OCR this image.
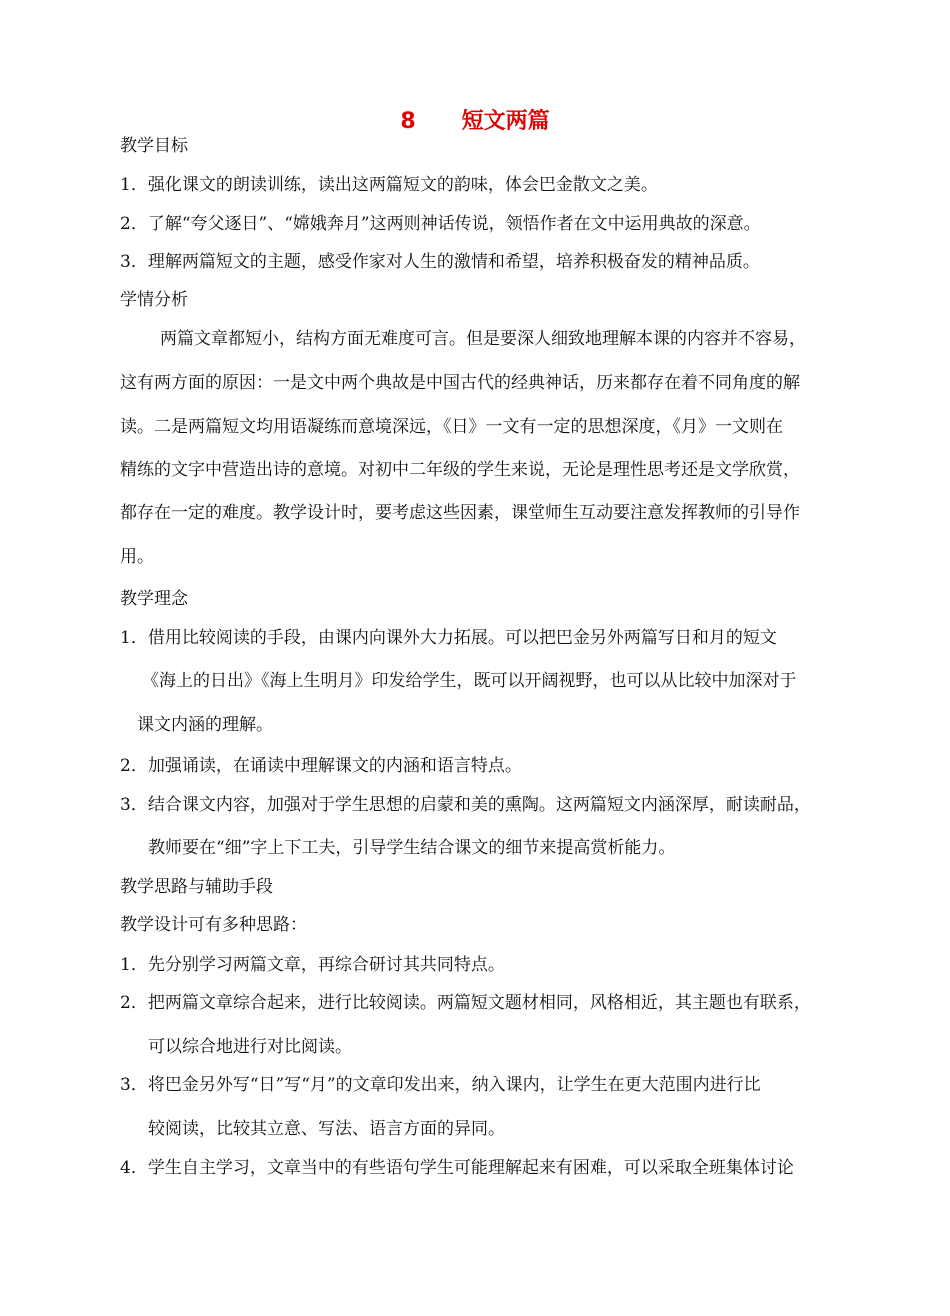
8 短文两篇
教学目标
1．强化课文的朗读训练，读出这两篇短文的韵味，体会巴金散文之美。
2．了解“夸父逐日”、“嫦娥奔月”这两则神话传说，领悟作者在文中运用典故的深意。
3．理解两篇短文的主题，感受作家对人生的激情和希望，培养积极奋发的精神品质。
学情分析
两篇文章都短小，结构方面无难度可言。但是要深人细致地理解本课的内容并不容易，
这有两方面的原因：一是文中两个典故是中国古代的经典神话，历来都存在着不同角度的解
读。二是两篇短文均用语凝练而意境深远，《日》一文有一定的思想深度，《月》一文则在
精练的文字中营造出诗的意境。对初中二年级的学生来说，无论是理性思考还是文学欣赏，
都存在一定的难度。教学设计时，要考虑这些因素，课堂师生互动要注意发挥教师的引导作
用。
教学理念
1．借用比较阅读的手段，由课内向课外大力拓展。可以把巴金另外两篇写日和月的短文
《海上的日出》《海上生明月》印发给学生，既可以开阔视野，也可以从比较中加深对于
课文内涵的理解。
2．加强诵读，在诵读中理解课文的内涵和语言特点。
3．结合课文内容，加强对于学生思想的启蒙和美的熏陶。这两篇短文内涵深厚，耐读耐品，
教师要在“细”字上下工夫，引导学生结合课文的细节来提高赏析能力。
教学思路与辅助手段
教学设计可有多种思路：
1．先分别学习两篇文章，再综合研讨其共同特点。
2．把两篇文章综合起来，进行比较阅读。两篇短文题材相同，风格相近，其主题也有联系，
可以综合地进行对比阅读。
3．将巴金另外写“日”写“月”的文章印发出来，纳入课内，让学生在更大范围内进行比
较阅读，比较其立意、写法、语言方面的异同。
4．学生自主学习，文章当中的有些语句学生可能理解起来有困难，可以采取全班集体讨论
